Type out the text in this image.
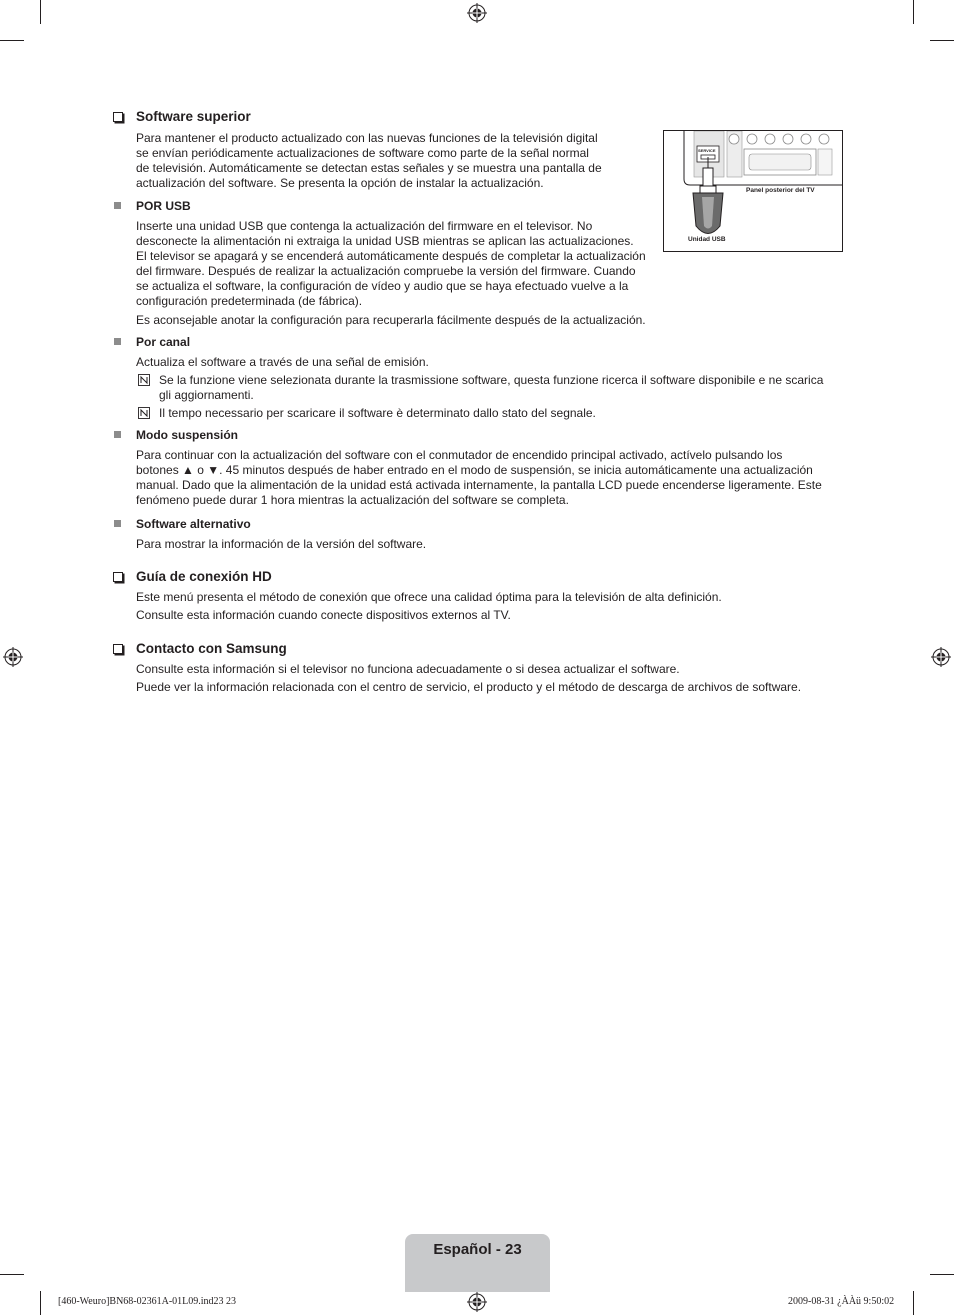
Software superior
Para mantener el producto actualizado con las nuevas funciones de la televisión digital
se envían periódicamente actualizaciones de software como parte de la señal normal
de televisión. Automáticamente se detectan estas señales y se muestra una pantalla de
actualización del software. Se presenta la opción de instalar la actualización.
SERVICE
Panel posterior del TV
Unidad USB
POR USB
Inserte una unidad USB que contenga la actualización del firmware en el televisor. No
desconecte la alimentación ni extraiga la unidad USB mientras se aplican las actualizaciones.
El televisor se apagará y se encenderá automáticamente después de completar la actualización
del firmware. Después de realizar la actualización compruebe la versión del firmware. Cuando
se actualiza el software, la configuración de vídeo y audio que se haya efectuado vuelve a la
configuración predeterminada (de fábrica).
Es aconsejable anotar la configuración para recuperarla fácilmente después de la actualización.
Por canal
Actualiza el software a través de una señal de emisión.
Se la funzione viene selezionata durante la trasmissione software, questa funzione ricerca il software disponibile e ne scarica
gli aggiornamenti.
Il tempo necessario per scaricare il software è determinato dallo stato del segnale.
Modo suspensión
Para continuar con la actualización del software con el conmutador de encendido principal activado, actívelo pulsando los
botones ▲ o ▼. 45 minutos después de haber entrado en el modo de suspensión, se inicia automáticamente una actualización
manual. Dado que la alimentación de la unidad está activada internamente, la pantalla LCD puede encenderse ligeramente. Este
fenómeno puede durar 1 hora mientras la actualización del software se completa.
Software alternativo
Para mostrar la información de la versión del software.
Guía de conexión HD
Este menú presenta el método de conexión que ofrece una calidad óptima para la televisión de alta definición.
Consulte esta información cuando conecte dispositivos externos al TV.
Contacto con Samsung
Consulte esta información si el televisor no funciona adecuadamente o si desea actualizar el software.
Puede ver la información relacionada con el centro de servicio, el producto y el método de descarga de archivos de software.
Español - 23
[460-Weuro]BN68-02361A-01L09.ind23 23	2009-08-31 ¿ÀÀü 9:50:02
